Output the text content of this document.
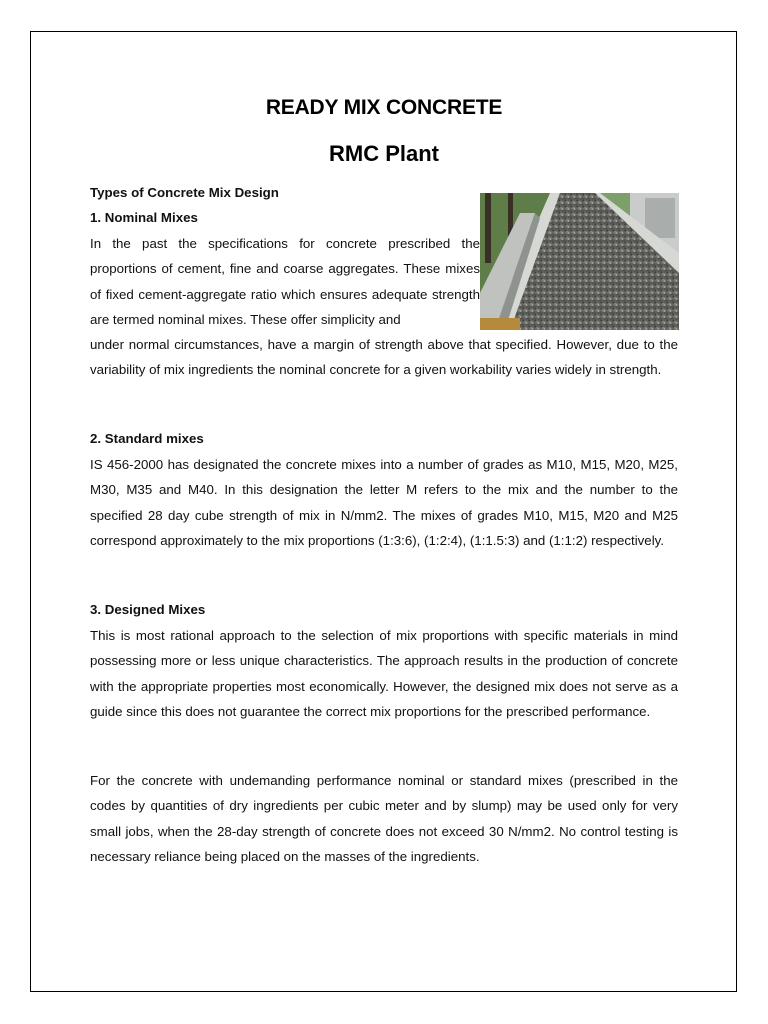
READY MIX CONCRETE
RMC Plant
Types of Concrete Mix Design
1. Nominal Mixes

In the past the specifications for concrete prescribed the proportions of cement, fine and coarse aggregates. These mixes of fixed cement-aggregate ratio which ensures adequate strength are termed nominal mixes. These offer simplicity and

under normal circumstances, have a margin of strength above that specified. However, due to the variability of mix ingredients the nominal concrete for a given workability varies widely in strength.

2. Standard mixes

IS 456-2000 has designated the concrete mixes into a number of grades as M10, M15, M20, M25, M30, M35 and M40. In this designation the letter M refers to the mix and the number to the specified 28 day cube strength of mix in N/mm2. The mixes of grades M10, M15, M20 and M25 correspond approximately to the mix proportions (1:3:6), (1:2:4), (1:1.5:3) and (1:1:2) respectively.

3. Designed Mixes

This is most rational approach to the selection of mix proportions with specific materials in mind possessing more or less unique characteristics. The approach results in the production of concrete with the appropriate properties most economically. However, the designed mix does not serve as a guide since this does not guarantee the correct mix proportions for the prescribed performance.

For the concrete with undemanding performance nominal or standard mixes (prescribed in the codes by quantities of dry ingredients per cubic meter and by slump) may be used only for very small jobs, when the 28-day strength of concrete does not exceed 30 N/mm2. No control testing is necessary reliance being placed on the masses of the ingredients.
